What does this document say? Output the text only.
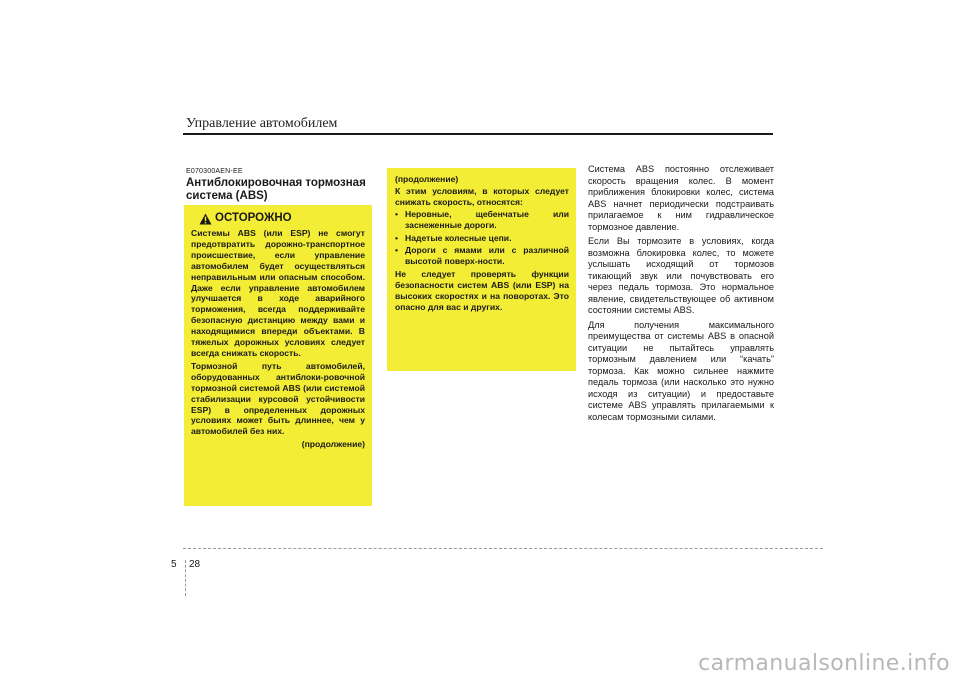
Управление автомобилем
E070300AEN-EE
Антиблокировочная тормозная система (ABS)
ОСТОРОЖНО

Системы ABS (или ESP) не смогут предотвратить дорожно-транспортное происшествие, если управление автомобилем будет осуществляться неправильным или опасным способом. Даже если управление автомобилем улучшается в ходе аварийного торможения, всегда поддерживайте безопасную дистанцию между вами и находящимися впереди объектами. В тяжелых дорожных условиях следует всегда снижать скорость.

Тормозной путь автомобилей, оборудованных антиблоки-ровочной тормозной системой ABS (или системой стабилизации курсовой устойчивости ESP) в определенных дорожных условиях может быть длиннее, чем у автомобилей без них.

(продолжение)

(продолжение)

К этим условиям, в которых следует снижать скорость, относятся:

• Неровные, щебенчатые или заснеженные дороги.
• Надетые колесные цепи.
• Дороги с ямами или с различной высотой поверх-ности.

Не следует проверять функции безопасности систем ABS (или ESP) на высоких скоростях и на поворотах. Это опасно для вас и других.

Система ABS постоянно отслеживает скорость вращения колес. В момент приближения блокировки колес, система ABS начнет периодически подстраивать прилагаемое к ним гидравлическое тормозное давление.

Если Вы тормозите в условиях, когда возможна блокировка колес, то можете услышать исходящий от тормозов тикающий звук или почувствовать его через педаль тормоза. Это нормальное явление, свидетельствующее об активном состоянии системы ABS.

Для получения максимального преимущества от системы ABS в опасной ситуации не пытайтесь управлять тормозным давлением или “качать” тормоза. Как можно сильнее нажмите педаль тормоза (или насколько это нужно исходя из ситуации) и предоставьте системе ABS управлять прилагаемыми к колесам тормозными силами.

5 28
carmanualsonline.info
